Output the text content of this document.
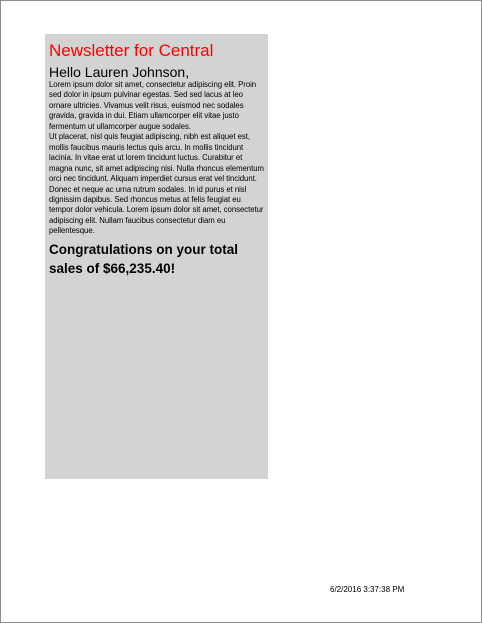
Newsletter for Central
Hello Lauren Johnson,

Lorem ipsum dolor sit amet, consectetur adipiscing elit. Proin sed dolor in ipsum pulvinar egestas. Sed sed lacus at leo ornare ultricies. Vivamus velit risus, euismod nec sodales gravida, gravida in dui. Etiam ullamcorper elit vitae justo fermentum ut ullamcorper augue sodales.

Ut placerat, nisl quis feugiat adipiscing, nibh est aliquet est, mollis faucibus mauris lectus quis arcu. In mollis tincidunt lacinia. In vitae erat ut lorem tincidunt luctus. Curabitur et magna nunc, sit amet adipiscing nisi. Nulla rhoncus elementum orci nec tincidunt. Aliquam imperdiet cursus erat vel tincidunt. Donec et neque ac urna rutrum sodales. In id purus et nisl dignissim dapibus. Sed rhoncus metus at felis feugiat eu tempor dolor vehicula. Lorem ipsum dolor sit amet, consectetur adipiscing elit. Nullam faucibus consectetur diam eu pellentesque.

Congratulations on your total sales of $66,235.40!
6/2/2016 3:37:38 PM
